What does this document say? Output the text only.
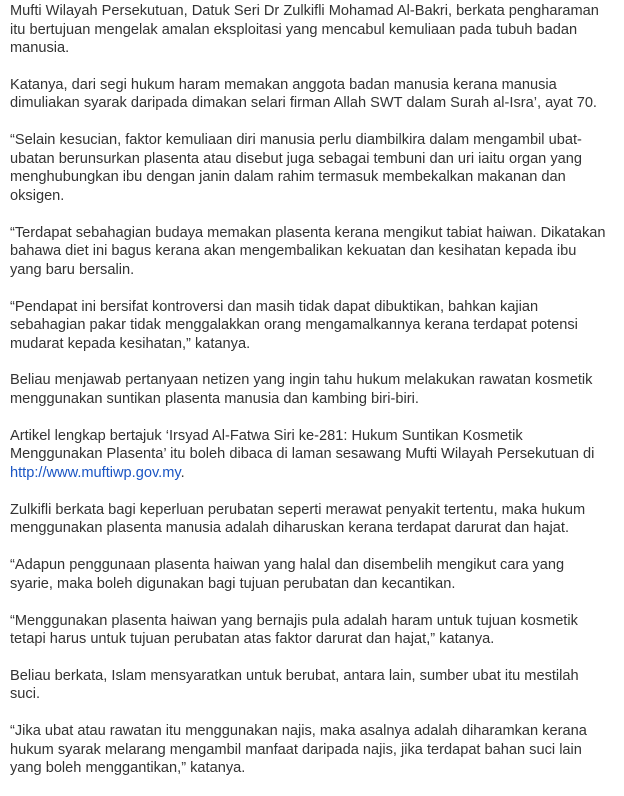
Mufti Wilayah Persekutuan, Datuk Seri Dr Zulkifli Mohamad Al-Bakri, berkata pengharaman itu bertujuan mengelak amalan eksploitasi yang mencabul kemuliaan pada tubuh badan manusia.

Katanya, dari segi hukum haram memakan anggota badan manusia kerana manusia dimuliakan syarak daripada dimakan selari firman Allah SWT dalam Surah al-Isra’, ayat 70.

“Selain kesucian, faktor kemuliaan diri manusia perlu diambilkira dalam mengambil ubat-ubatan berunsurkan plasenta atau disebut juga sebagai tembuni dan uri iaitu organ yang menghubungkan ibu dengan janin dalam rahim termasuk membekalkan makanan dan oksigen.

“Terdapat sebahagian budaya memakan plasenta kerana mengikut tabiat haiwan. Dikatakan bahawa diet ini bagus kerana akan mengembalikan kekuatan dan kesihatan kepada ibu yang baru bersalin.

“Pendapat ini bersifat kontroversi dan masih tidak dapat dibuktikan, bahkan kajian sebahagian pakar tidak menggalakkan orang mengamalkannya kerana terdapat potensi mudarat kepada kesihatan,” katanya.

Beliau menjawab pertanyaan netizen yang ingin tahu hukum melakukan rawatan kosmetik menggunakan suntikan plasenta manusia dan kambing biri-biri.

Artikel lengkap bertajuk ‘Irsyad Al-Fatwa Siri ke-281: Hukum Suntikan Kosmetik Menggunakan Plasenta’ itu boleh dibaca di laman sesawang Mufti Wilayah Persekutuan di http://www.muftiwp.gov.my.

Zulkifli berkata bagi keperluan perubatan seperti merawat penyakit tertentu, maka hukum menggunakan plasenta manusia adalah diharuskan kerana terdapat darurat dan hajat.

“Adapun penggunaan plasenta haiwan yang halal dan disembelih mengikut cara yang syarie, maka boleh digunakan bagi tujuan perubatan dan kecantikan.

“Menggunakan plasenta haiwan yang bernajis pula adalah haram untuk tujuan kosmetik tetapi harus untuk tujuan perubatan atas faktor darurat dan hajat,” katanya.

Beliau berkata, Islam mensyaratkan untuk berubat, antara lain, sumber ubat itu mestilah suci.

“Jika ubat atau rawatan itu menggunakan najis, maka asalnya adalah diharamkan kerana hukum syarak melarang mengambil manfaat daripada najis, jika terdapat bahan suci lain yang boleh menggantikan,” katanya.
